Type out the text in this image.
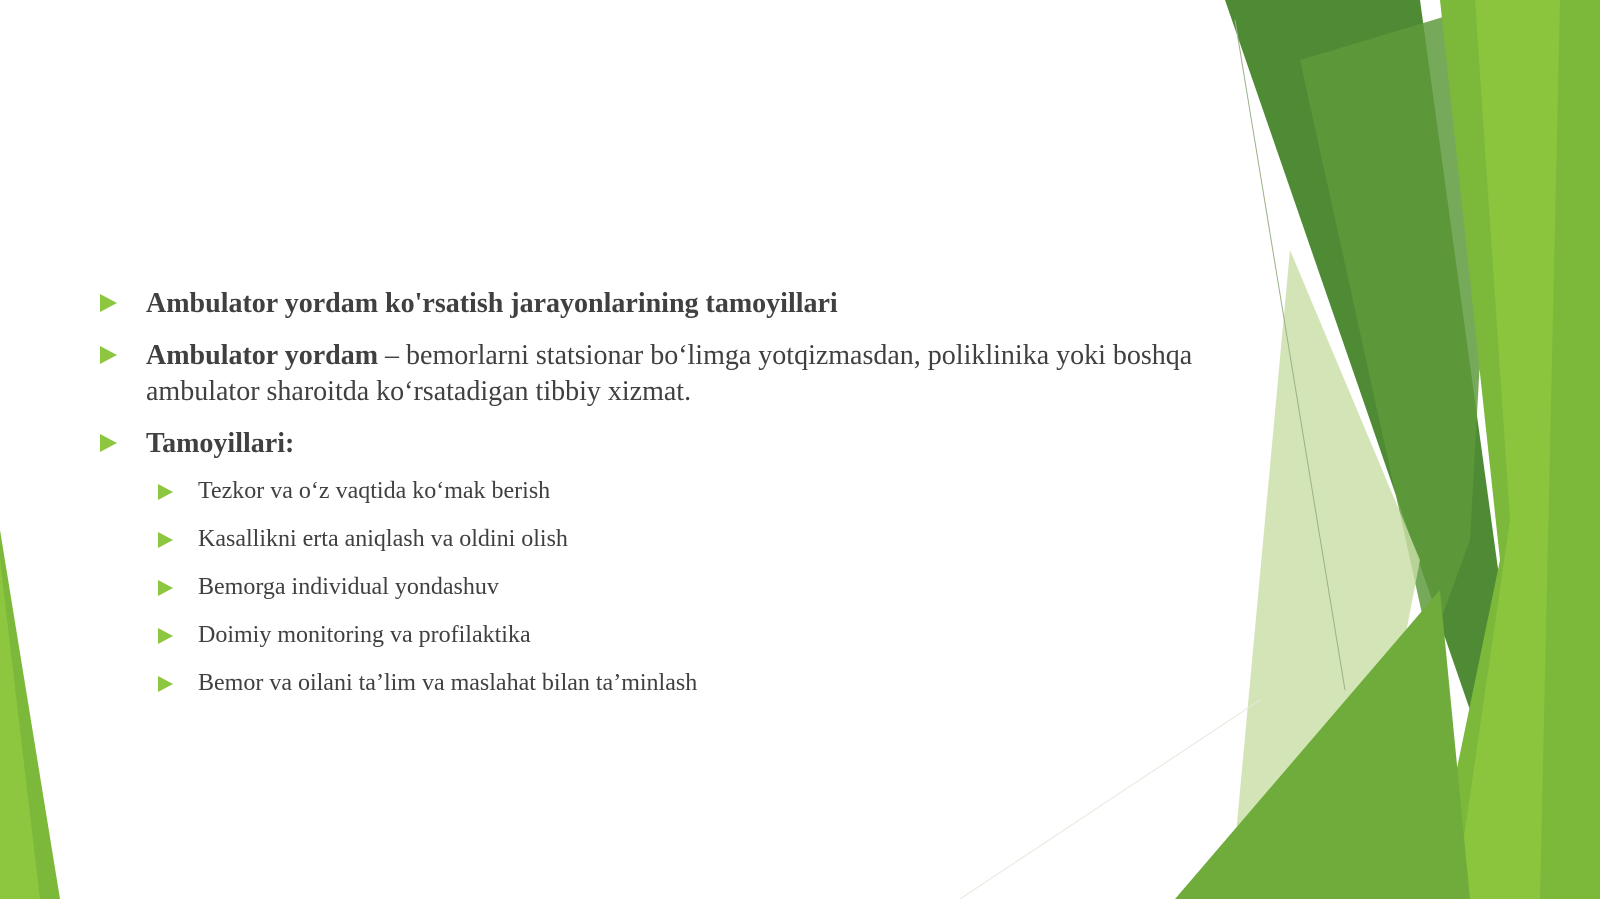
Ambulator yordam ko'rsatish jarayonlarining tamoyillari
Ambulator yordam – bemorlarni statsionar bo‘limga yotqizmasdan, poliklinika yoki boshqa ambulator sharoitda ko‘rsatadigan tibbiy xizmat.
Tamoyillari:
Tezkor va o‘z vaqtida ko‘mak berish
Kasallikni erta aniqlash va oldini olish
Bemorga individual yondashuv
Doimiy monitoring va profilaktika
Bemor va oilani ta’lim va maslahat bilan ta’minlash
